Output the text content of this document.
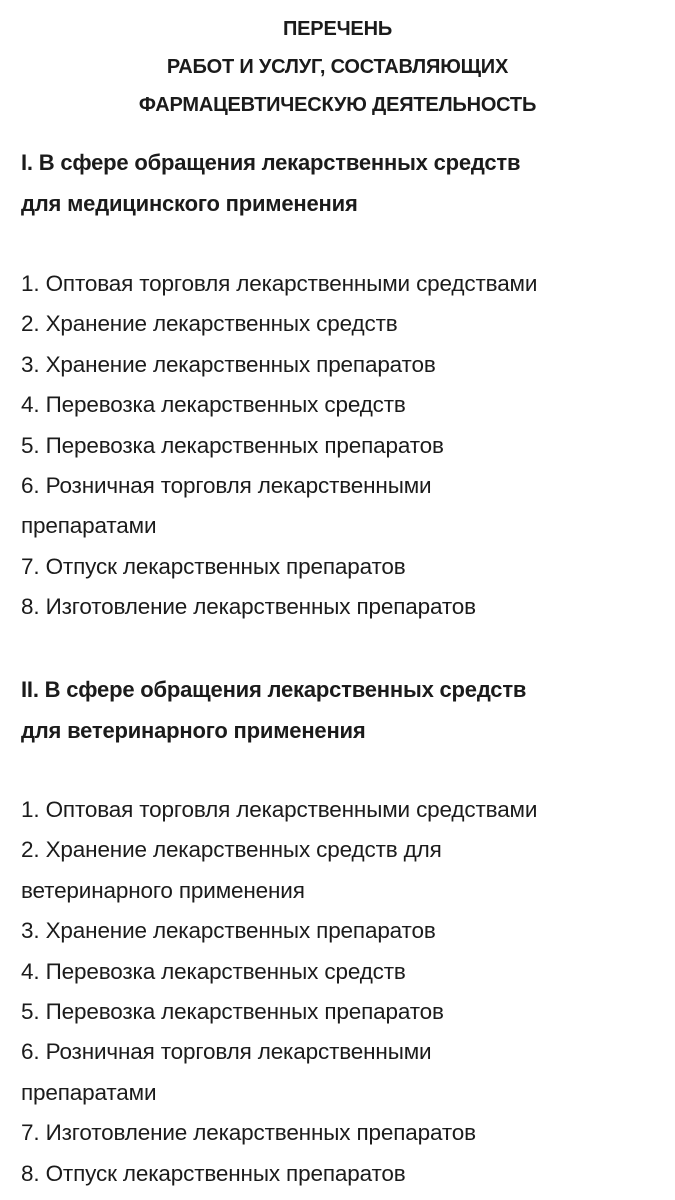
ПЕРЕЧЕНЬ
РАБОТ И УСЛУГ, СОСТАВЛЯЮЩИХ
ФАРМАЦЕВТИЧЕСКУЮ ДЕЯТЕЛЬНОСТЬ
I. В сфере обращения лекарственных средств
для медицинского применения
1. Оптовая торговля лекарственными средствами
2. Хранение лекарственных средств
3. Хранение лекарственных препаратов
4. Перевозка лекарственных средств
5. Перевозка лекарственных препаратов
6. Розничная торговля лекарственными препаратами
7. Отпуск лекарственных препаратов
8. Изготовление лекарственных препаратов
II. В сфере обращения лекарственных средств
для ветеринарного применения
1. Оптовая торговля лекарственными средствами
2. Хранение лекарственных средств для ветеринарного применения
3. Хранение лекарственных препаратов
4. Перевозка лекарственных средств
5. Перевозка лекарственных препаратов
6. Розничная торговля лекарственными препаратами
7. Изготовление лекарственных препаратов
8. Отпуск лекарственных препаратов
